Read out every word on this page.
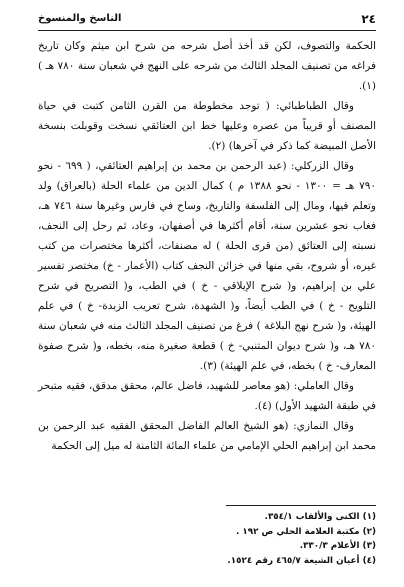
٢٤
الناسخ والمنسوخ

الحكمة والتصوف، لكن قد أخذ أصل شرحه من شرح ابن ميثم وكان تاريخ فراغه من تصنيف المجلد الثالث من شرحه على النهج في شعبان سنة ٧٨٠ هـ ) (١).

وقال الطباطبائي: ( توجد مخطوطة من القرن الثامن كتبت في حياة المصنف أو قريباً من عصره وعليها خط ابن العتائقي نسخت وقوبلت بنسخة الأصل المبيضة كما ذكر في آخرها) (٢).

وقال الزركلي: (عبد الرحمن بن محمد بن إبراهيم العتائقي، ( ٦٩٩ - نحو ٧٩٠ هـ = ١٣٠٠ - نحو ١٣٨٨ م ) كمال الدين من علماء الحلة (بالعراق) ولد وتعلم فيها، ومال إلى الفلسفة والتاريخ، وساح في فارس وغيرها سنة ٧٤٦ هـ، فغاب نحو عشرين سنة، أقام أكثرها في أصفهان، وعاد، ثم رحل إلى النجف، نسبته إلى العتائق (من قرى الحلة ) له مصنفات، أكثرها مختصرات من كتب غيره، أو شروح، بقي منها في خزائن النجف كتاب (الأعمار - خ) مختصر تفسير علي بن إبراهيم، و( شرح الإيلاقي - خ ) في الطب، و( التصريح في شرح التلويح - خ ) في الطب أيضاً، و( الشهدة، شرح تعريب الزبدة- خ ) في علم الهيئة، و( شرح نهج البلاغة ) فرغ من تصنيف المجلد الثالث منه في شعبان سنة ٧٨٠ هـ، و( شرح ديوان المتنبي- خ ) قطعة صغيرة منه، بخطه، و( شرح صفوة المعارف- خ ) بخطه، في علم الهيئة) (٣).

وقال العاملي: (هو معاصر للشهيد، فاضل عالم، محقق مدقق، فقيه متبحر في طبقة الشهيد الأول) (٤).

وقال النمازي: (هو الشيخ العالم الفاضل المحقق الفقيه عبد الرحمن بن محمد ابن إبراهيم الحلي الإمامي من علماء المائة الثامنة له ميل إلى الحكمة

(١) الكنى والألقاب ٣٥٤/١.
(٢) مكتبة العلامة الحلي ص ١٩٢ .
(٣) الأعلام ٣٣٠/٣.
(٤) أعيان الشيعة ٤٦٥/٧ رقم ١٥٢٤.
